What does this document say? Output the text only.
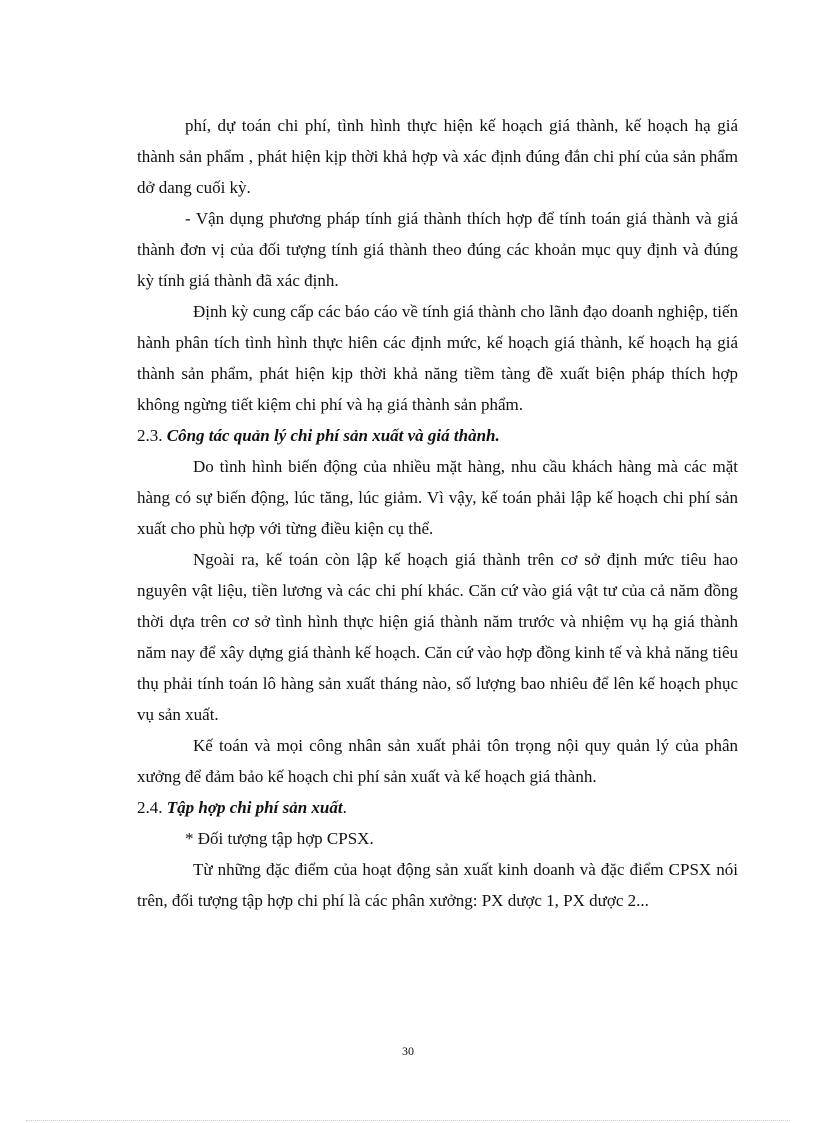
phí, dự toán chi phí, tình hình thực hiện kế hoạch giá thành, kế hoạch hạ giá thành sản phẩm , phát hiện kịp thời khả hợp và xác định đúng đắn chi phí của sản phẩm dở dang cuối kỳ.

- Vận dụng phương pháp tính giá thành thích hợp để tính toán giá thành và giá thành đơn vị của đối tượng tính giá thành theo đúng các khoản mục quy định và đúng kỳ tính giá thành đã xác định.

Định kỳ cung cấp các báo cáo về tính giá thành cho lãnh đạo doanh nghiệp, tiến hành phân tích tình hình thực hiên các định mức, kế hoạch giá thành, kế hoạch hạ giá thành sản phẩm, phát hiện kịp thời khả năng tiềm tàng đề xuất biện pháp thích hợp không ngừng tiết kiệm chi phí và hạ giá thành sản phẩm.

2.3. Công tác quản lý chi phí sản xuất và giá thành.

Do tình hình biến động của nhiều mặt hàng, nhu cầu khách hàng mà các mặt hàng có sự biến động, lúc tăng, lúc giảm. Vì vậy, kế toán phải lập kế hoạch chi phí sản xuất cho phù hợp với từng điều kiện cụ thể.

Ngoài ra, kế toán còn lập kế hoạch giá thành trên cơ sở định mức tiêu hao nguyên vật liệu, tiền lương và các chi phí khác. Căn cứ vào giá vật tư của cả năm đồng thời dựa trên cơ sở tình hình thực hiện giá thành năm trước và nhiệm vụ hạ giá thành năm nay để xây dựng giá thành kế hoạch. Căn cứ vào hợp đồng kinh tế và khả năng tiêu thụ phải tính toán lô hàng sản xuất tháng nào, số lượng bao nhiêu để lên kế hoạch phục vụ sản xuất.

Kế toán và mọi công nhân sản xuất phải tôn trọng nội quy quản lý của phân xưởng để đảm bảo kế hoạch chi phí sản xuất và kế hoạch giá thành.

2.4. Tập hợp chi phí sản xuất.

* Đối tượng tập hợp CPSX.

Từ những đặc điểm của hoạt động sản xuất kinh doanh và đặc điểm CPSX nói trên, đối tượng tập hợp chi phí là các phân xưởng: PX dược 1, PX dược 2...

30
